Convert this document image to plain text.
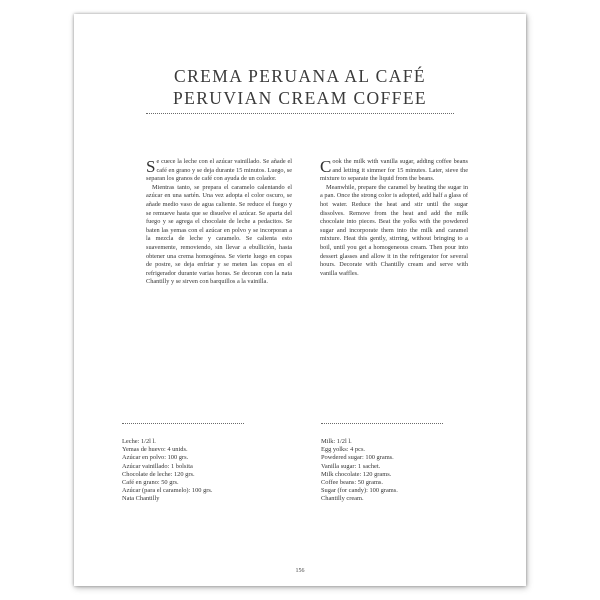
CREMA PERUANA AL CAFÉ
PERUVIAN CREAM COFFEE

Se cuece la leche con el azúcar vainillado. Se añade el café en grano y se deja durante 15 minutos. Luego, se separan los granos de café con ayuda de un colador.

Mientras tanto, se prepara el caramelo calentando el azúcar en una sartén. Una vez adopta el color oscuro, se añade medio vaso de agua caliente. Se reduce el fuego y se remueve hasta que se disuelve el azúcar. Se aparta del fuego y se agrega el chocolate de leche a pedacitos. Se baten las yemas con el azúcar en polvo y se incorporan a la mezcla de leche y caramelo. Se calienta esto suavemente, removiendo, sin llevar a ebullición, hasta obtener una crema homogénea. Se vierte luego en copas de postre, se deja enfriar y se meten las copas en el refrigerador durante varias horas. Se decoran con la nata Chantilly y se sirven con barquillos a la vainilla.

Cook the milk with vanilla sugar, adding coffee beans and letting it simmer for 15 minutes. Later, sieve the mixture to separate the liquid from the beans.

Meanwhile, prepare the caramel by heating the sugar in a pan. Once the strong color is adopted, add half a glass of hot water. Reduce the heat and stir until the sugar dissolves. Remove from the heat and add the milk chocolate into pieces. Beat the yolks with the powdered sugar and incorporate them into the milk and caramel mixture. Heat this gently, stirring, without bringing to a boil, until you get a homogeneous cream. Then pour into dessert glasses and allow it in the refrigerator for several hours. Decorate with Chantilly cream and serve with vanilla waffles.

Leche: 1/2l l.
Yemas de huevo: 4 unids.
Azúcar en polvo: 100 grs.
Azúcar vainillado: 1 bolsita
Chocolate de leche: 120 grs.
Café en grano: 50 grs.
Azúcar (para el caramelo): 100 grs.
Nata Chantilly
Milk: 1/2l l.
Egg yolks: 4 pcs.
Powdered sugar: 100 grams.
Vanilla sugar: 1 sachet.
Milk chocolate: 120 grams.
Coffee beans: 50 grams.
Sugar (for candy): 100 grams.
Chantilly cream.
156
